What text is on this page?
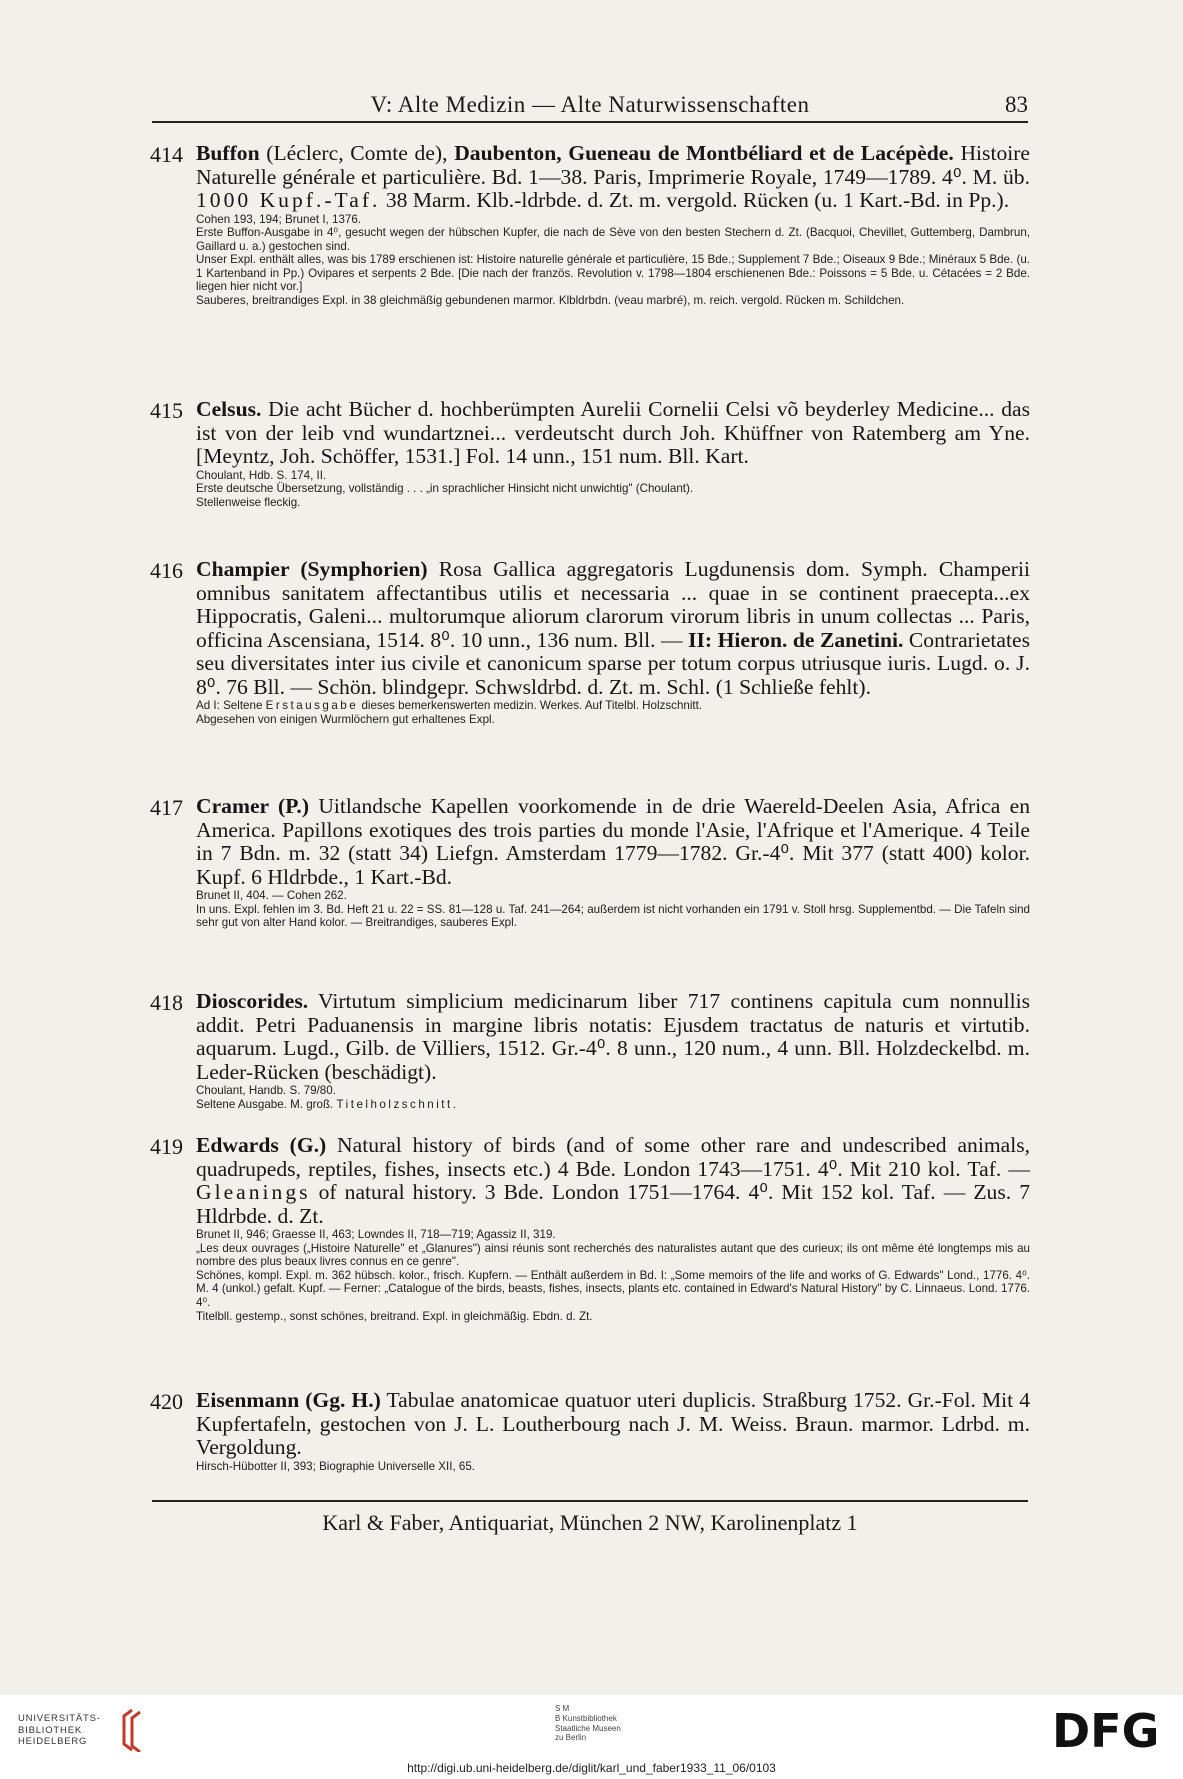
V: Alte Medizin — Alte Naturwissenschaften	83
414 Buffon (Léclerc, Comte de), Daubenton, Gueneau de Montbéliard et de Lacépède. Histoire Naturelle générale et particulière. Bd. 1—38. Paris, Imprimerie Royale, 1749—1789. 4⁰. M. üb. 1000 Kupf.-Taf. 38 Marm. Klb.-ldrbde. d. Zt. m. vergold. Rücken (u. 1 Kart.-Bd. in Pp.).
Cohen 193, 194; Brunet I, 1376.
Erste Buffon-Ausgabe in 4⁰, gesucht wegen der hübschen Kupfer, die nach de Sève von den besten Stechern d. Zt. (Bacquoi, Chevillet, Guttemberg, Dambrun, Gaillard u. a.) gestochen sind.
Unser Expl. enthält alles, was bis 1789 erschienen ist: Histoire naturelle générale et particulière, 15 Bde.; Supplement 7 Bde.; Oiseaux 9 Bde.; Minéraux 5 Bde. (u. 1 Kartenband in Pp.) Ovipares et serpents 2 Bde. [Die nach der französ. Revolution v. 1798—1804 erschienenen Bde.: Poissons = 5 Bde. u. Cétacées = 2 Bde. liegen hier nicht vor.]
Sauberes, breitrandiges Expl. in 38 gleichmäßig gebundenen marmor. Klbldrbdn. (veau marbré), m. reich. vergold. Rücken m. Schildchen.
415 Celsus. Die acht Bücher d. hochberümpten Aurelii Cornelii Celsi võ beyderley Medicine... das ist von der leib vnd wundartznei... verdeutscht durch Joh. Khüffner von Ratemberg am Yne. [Meyntz, Joh. Schöffer, 1531.] Fol. 14 unn., 151 num. Bll. Kart.
Choulant, Hdb. S. 174, II.
Erste deutsche Übersetzung, vollständig . . . „in sprachlicher Hinsicht nicht unwichtig" (Choulant).
Stellenweise fleckig.
416 Champier (Symphorien) Rosa Gallica aggregatoris Lugdunensis dom. Symph. Champerii omnibus sanitatem affectantibus utilis et necessaria ... quae in se continent praecepta...ex Hippocratis, Galeni... multorumque aliorum clarorum virorum libris in unum collectas ... Paris, officina Ascensiana, 1514. 8⁰. 10 unn., 136 num. Bll. — II: Hieron. de Zanetini. Contrarietates seu diversitates inter ius civile et canonicum sparse per totum corpus utriusque iuris. Lugd. o. J. 8⁰. 76 Bll. — Schön. blindgepr. Schwsldrbd. d. Zt. m. Schl. (1 Schließe fehlt).
Ad I: Seltene Erstausgabe dieses bemerkenswerten medizin. Werkes. Auf Titelbl. Holzschnitt.
Abgesehen von einigen Wurmlöchern gut erhaltenes Expl.
417 Cramer (P.) Uitlandsche Kapellen voorkomende in de drie Waereld-Deelen Asia, Africa en America. Papillons exotiques des trois parties du monde l'Asie, l'Afrique et l'Amerique. 4 Teile in 7 Bdn. m. 32 (statt 34) Liefgn. Amsterdam 1779—1782. Gr.-4⁰. Mit 377 (statt 400) kolor. Kupf. 6 Hldrbde., 1 Kart.-Bd.
Brunet II, 404. — Cohen 262.
In uns. Expl. fehlen im 3. Bd. Heft 21 u. 22 = SS. 81—128 u. Taf. 241—264; außerdem ist nicht vorhanden ein 1791 v. Stoll hrsg. Supplementbd. — Die Tafeln sind sehr gut von alter Hand kolor. — Breitrandiges, sauberes Expl.
418 Dioscorides. Virtutum simplicium medicinarum liber 717 continens capitula cum nonnullis addit. Petri Paduanensis in margine libris notatis: Ejusdem tractatus de naturis et virtutib. aquarum. Lugd., Gilb. de Villiers, 1512. Gr.-4⁰. 8 unn., 120 num., 4 unn. Bll. Holzdeckelbd. m. Leder-Rücken (beschädigt).
Choulant, Handb. S. 79/80.
Seltene Ausgabe. M. groß. Titelholzschnitt.
419 Edwards (G.) Natural history of birds (and of some other rare and undescribed animals, quadrupeds, reptiles, fishes, insects etc.) 4 Bde. London 1743—1751. 4⁰. Mit 210 kol. Taf. — Gleanings of natural history. 3 Bde. London 1751—1764. 4⁰. Mit 152 kol. Taf. — Zus. 7 Hldrbde. d. Zt.
Brunet II, 946; Graesse II, 463; Lowndes II, 718—719; Agassiz II, 319.
„Les deux ouvrages („Histoire Naturelle" et „Glanures") ainsi réunis sont recherchés des naturalistes autant que des curieux; ils ont même été longtemps mis au nombre des plus beaux livres connus en ce genre".
Schönes, kompl. Expl. m. 362 hübsch. kolor., frisch. Kupfern. — Enthält außerdem in Bd. I: „Some memoirs of the life and works of G. Edwards" Lond., 1776. 4⁰. M. 4 (unkol.) gefalt. Kupf. — Ferner: „Catalogue of the birds, beasts, fishes, insects, plants etc. contained in Edward's Natural History" by C. Linnaeus. Lond. 1776. 4⁰.
Titelbll. gestemp., sonst schönes, breitrand. Expl. in gleichmäßig. Ebdn. d. Zt.
420 Eisenmann (Gg. H.) Tabulae anatomicae quatuor uteri duplicis. Straßburg 1752. Gr.-Fol. Mit 4 Kupfertafeln, gestochen von J. L. Loutherbourg nach J. M. Weiss. Braun. marmor. Ldrbd. m. Vergoldung.
Hirsch-Hübotter II, 393; Biographie Universelle XII, 65.
Karl & Faber, Antiquariat, München 2 NW, Karolinenplatz 1
UNIVERSITÄTS-
BIBLIOTHEK
HEIDELBERG
S M
B Kunstbibliothek
Staatliche Museen
zu Berlin	DFG
http://digi.ub.uni-heidelberg.de/diglit/karl_und_faber1933_11_06/0103
